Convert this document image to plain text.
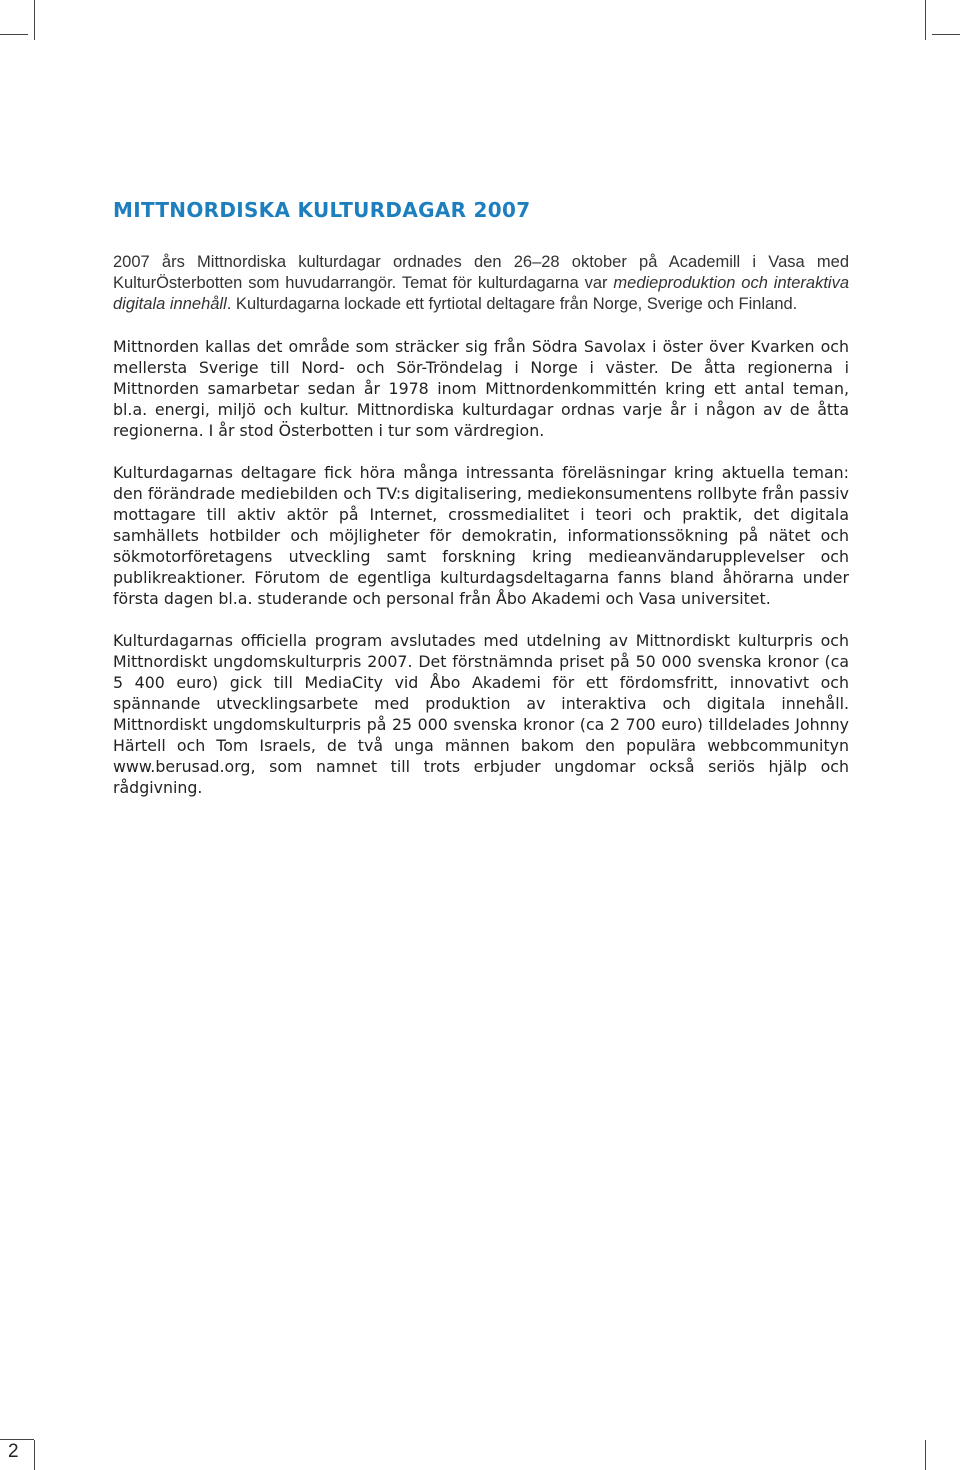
MITTNORDISKA KULTURDAGAR 2007

2007 års Mittnordiska kulturdagar ordnades den 26–28 oktober på Academill i Vasa med KulturÖsterbotten som huvudarrangör. Temat för kulturdagarna var medieproduktion och interaktiva digitala innehåll. Kulturdagarna lockade ett fyrtiotal deltagare från Norge, Sverige och Finland.

Mittnorden kallas det område som sträcker sig från Södra Savolax i öster över Kvarken och mellersta Sverige till Nord- och Sör-Tröndelag i Norge i väster. De åtta regionerna i Mittnorden samarbetar sedan år 1978 inom Mittnordenkommittén kring ett antal teman, bl.a. energi, miljö och kultur. Mittnordiska kulturdagar ordnas varje år i någon av de åtta regionerna. I år stod Österbotten i tur som värdregion.

Kulturdagarnas deltagare fick höra många intressanta föreläsningar kring aktuella teman: den förändrade mediebilden och TV:s digitalisering, mediekonsumentens rollbyte från passiv mottagare till aktiv aktör på Internet, crossmedialitet i teori och praktik, det digitala samhällets hotbilder och möjligheter för demokratin, informationssökning på nätet och sökmotorföretagens utveckling samt forskning kring medieanvändarupplevelser och publikreaktioner. Förutom de egentliga kulturdagsdeltagarna fanns bland åhörarna under första dagen bl.a. studerande och personal från Åbo Akademi och Vasa universitet.

Kulturdagarnas officiella program avslutades med utdelning av Mittnordiskt kulturpris och Mittnordiskt ungdomskulturpris 2007. Det förstnämnda priset på 50 000 svenska kronor (ca 5 400 euro) gick till MediaCity vid Åbo Akademi för ett fördomsfritt, innovativt och spännande utvecklingsarbete med produktion av interaktiva och digitala innehåll. Mittnordiskt ungdomskulturpris på 25 000 svenska kronor (ca 2 700 euro) tilldelades Johnny Härtell och Tom Israels, de två unga männen bakom den populära webbcommunityn www.berusad.org, som namnet till trots erbjuder ungdomar också seriös hjälp och rådgivning.

2
